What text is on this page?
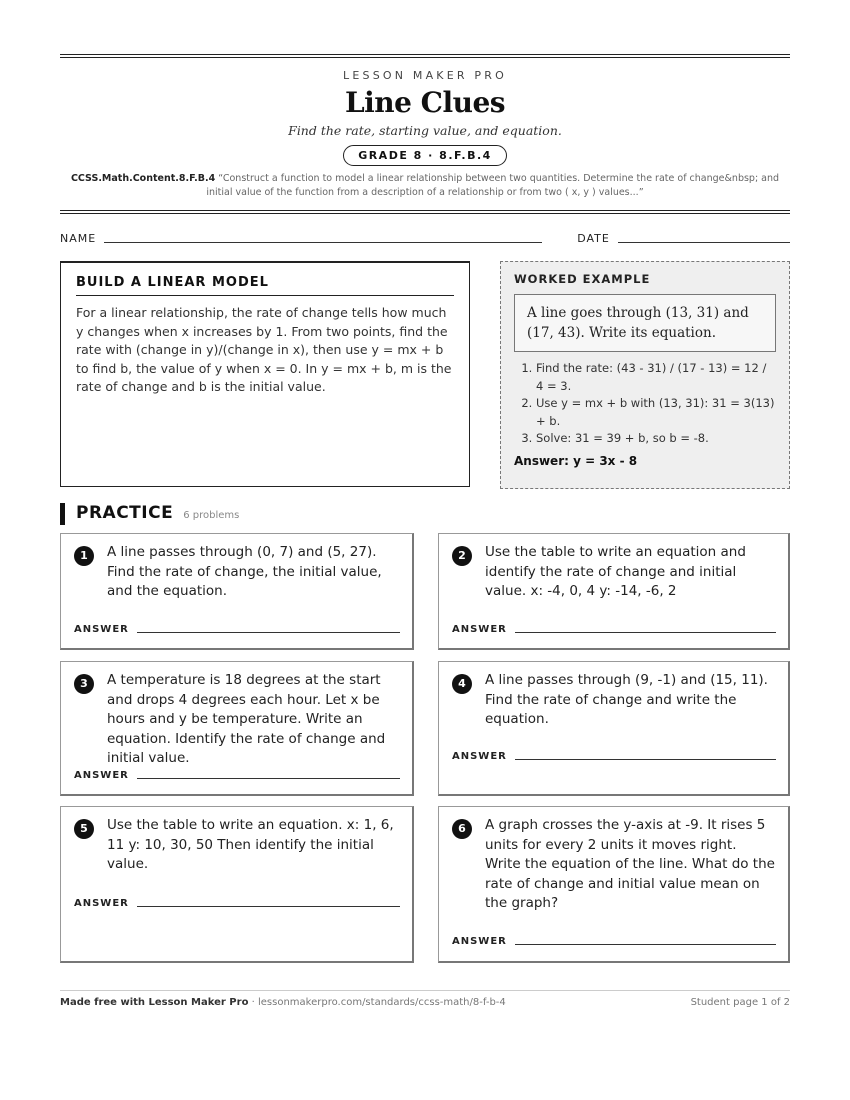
LESSON MAKER PRO
Line Clues
Find the rate, starting value, and equation.
GRADE 8 · 8.F.B.4
CCSS.Math.Content.8.F.B.4 “Construct a function to model a linear relationship between two quantities. Determine the rate of change&nbsp; and initial value of the function from a description of a relationship or from two ( x, y ) values...”
NAME	DATE
BUILD A LINEAR MODEL
For a linear relationship, the rate of change tells how much y changes when x increases by 1. From two points, find the rate with (change in y)/(change in x), then use y = mx + b to find b, the value of y when x = 0. In y = mx + b, m is the rate of change and b is the initial value.
WORKED EXAMPLE
A line goes through (13, 31) and (17, 43). Write its equation.
1. Find the rate: (43 - 31) / (17 - 13) = 12 / 4 = 3.
2. Use y = mx + b with (13, 31): 31 = 3(13) + b.
3. Solve: 31 = 39 + b, so b = -8.
Answer: y = 3x - 8
PRACTICE 6 problems
1	A line passes through (0, 7) and (5, 27). Find the rate of change, the initial value, and the equation.
ANSWER
2	Use the table to write an equation and identify the rate of change and initial value. x: -4, 0, 4 y: -14, -6, 2
ANSWER
3	A temperature is 18 degrees at the start and drops 4 degrees each hour. Let x be hours and y be temperature. Write an equation. Identify the rate of change and initial value.
ANSWER
4	A line passes through (9, -1) and (15, 11). Find the rate of change and write the equation.
ANSWER
5	Use the table to write an equation. x: 1, 6, 11 y: 10, 30, 50 Then identify the initial value.
ANSWER
6	A graph crosses the y-axis at -9. It rises 5 units for every 2 units it moves right. Write the equation of the line. What do the rate of change and initial value mean on the graph?
ANSWER
Made free with Lesson Maker Pro · lessonmakerpro.com/standards/ccss-math/8-f-b-4	Student page 1 of 2
